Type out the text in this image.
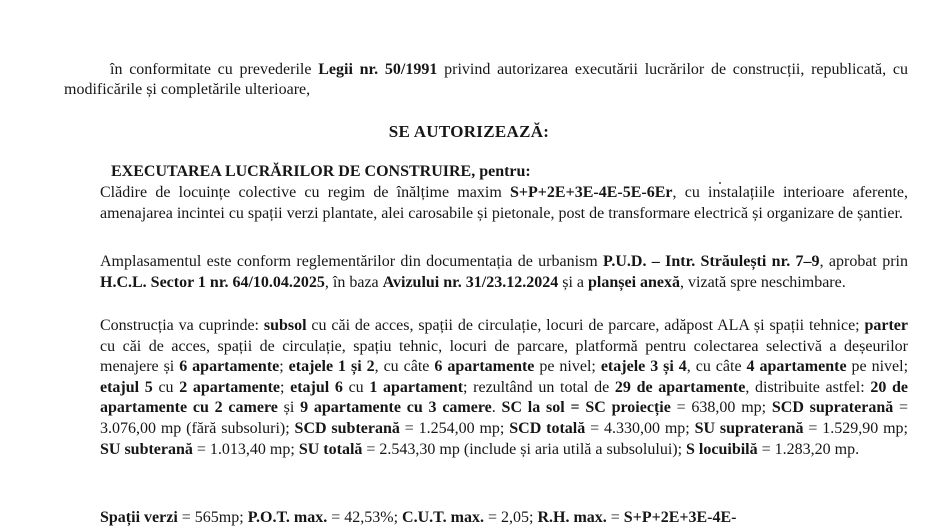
în conformitate cu prevederile Legii nr. 50/1991 privind autorizarea executării lucrărilor de construcții, republicată, cu modificările și completările ulterioare,

SE AUTORIZEAZĂ:
EXECUTAREA LUCRĂRILOR DE CONSTRUIRE, pentru:

Clădire de locuințe colective cu regim de înălțime maxim S+P+2E+3E-4E-5E-6Er, cu instalațiile interioare aferente, amenajarea incintei cu spații verzi plantate, alei carosabile și pietonale, post de transformare electrică și organizare de șantier.

Amplasamentul este conform reglementărilor din documentația de urbanism P.U.D. – Intr. Străulești nr. 7–9, aprobat prin H.C.L. Sector 1 nr. 64/10.04.2025, în baza Avizului nr. 31/23.12.2024 și a planșei anexă, vizată spre neschimbare.

Construcția va cuprinde: subsol cu căi de acces, spații de circulație, locuri de parcare, adăpost ALA și spații tehnice; parter cu căi de acces, spații de circulație, spațiu tehnic, locuri de parcare, platformă pentru colectarea selectivă a deșeurilor menajere și 6 apartamente; etajele 1 și 2, cu câte 6 apartamente pe nivel; etajele 3 și 4, cu câte 4 apartamente pe nivel; etajul 5 cu 2 apartamente; etajul 6 cu 1 apartament; rezultând un total de 29 de apartamente, distribuite astfel: 20 de apartamente cu 2 camere și 9 apartamente cu 3 camere. SC la sol = SC proiecție = 638,00 mp; SCD supraterană = 3.076,00 mp (fără subsoluri); SCD subterană = 1.254,00 mp; SCD totală = 4.330,00 mp; SU supraterană = 1.529,90 mp; SU subterană = 1.013,40 mp; SU totală = 2.543,30 mp (include și aria utilă a subsolului); S locuibilă = 1.283,20 mp.

Spații verzi = 565mp; P.O.T. max. = 42,53%; C.U.T. max. = 2,05; R.H. max. = S+P+2E+3E-4E-
